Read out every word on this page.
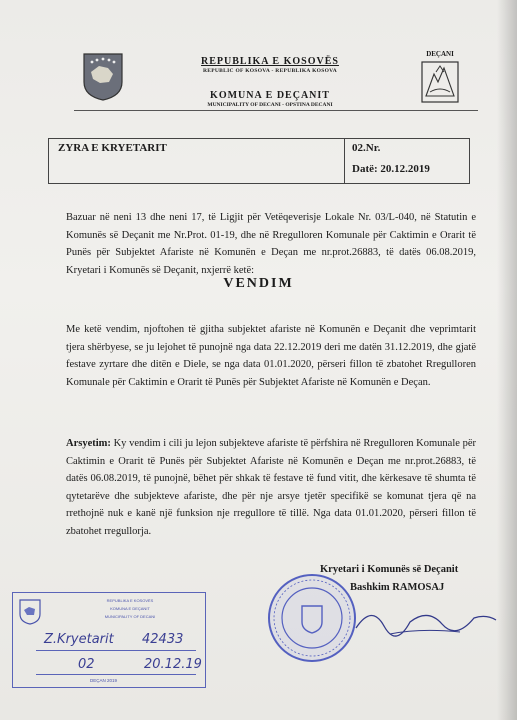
REPUBLIKA E KOSOVËS
REPUBLIC OF KOSOVA - REPUBLIKA KOSOVA
KOMUNA E DEÇANIT
MUNICIPALITY OF DECANI - OPSTINA DECANI
DEÇANI
ZYRA E KRYETARIT	02.Nr.
Datë: 20.12.2019
Bazuar në neni 13 dhe neni 17, të Ligjit për Vetëqeverisje Lokale Nr. 03/L-040, në Statutin e Komunës së Deçanit me Nr.Prot. 01-19, dhe në Rregulloren Komunale për Caktimin e Orarit të Punës për Subjektet Afariste në Komunën e Deçan me nr.prot.26883, të datës 06.08.2019, Kryetari i Komunës së Deçanit, nxjerrë ketë:
VENDIM
Me ketë vendim, njoftohen të gjitha subjektet afariste në Komunën e Deçanit dhe veprimtarit tjera shërbyese, se ju lejohet të punojnë nga data 22.12.2019 deri me datën 31.12.2019, dhe gjatë festave zyrtare dhe ditën e Diele, se nga data 01.01.2020, përseri fillon të zbatohet Rregulloren Komunale për Caktimin e Orarit të Punës për Subjektet Afariste në Komunën e Deçan.
Arsyetim: Ky vendim i cili ju lejon subjekteve afariste të përfshira në Rregulloren Komunale për Caktimin e Orarit të Punës për Subjektet Afariste në Komunën e Deçan me nr.prot.26883, të datës 06.08.2019, të punojnë, bëhet për shkak të festave të fund vitit, dhe kërkesave të shumta të qytetarëve dhe subjekteve afariste, dhe për nje arsye tjetër specifikë se komunat tjera që na rrethojnë nuk e kanë një funksion nje rregullore të tillë. Nga data 01.01.2020, përseri fillon të zbatohet rregullorja.
Kryetari i Komunës së Deçanit
Bashkim RAMOSAJ
REPUBLIKA E KOSOVËS
KOMUNA E DEÇANIT
MUNICIPALITY OF DECANI
Z.Kryetarit 42433
02	20.12.19
DEÇAN 2019
